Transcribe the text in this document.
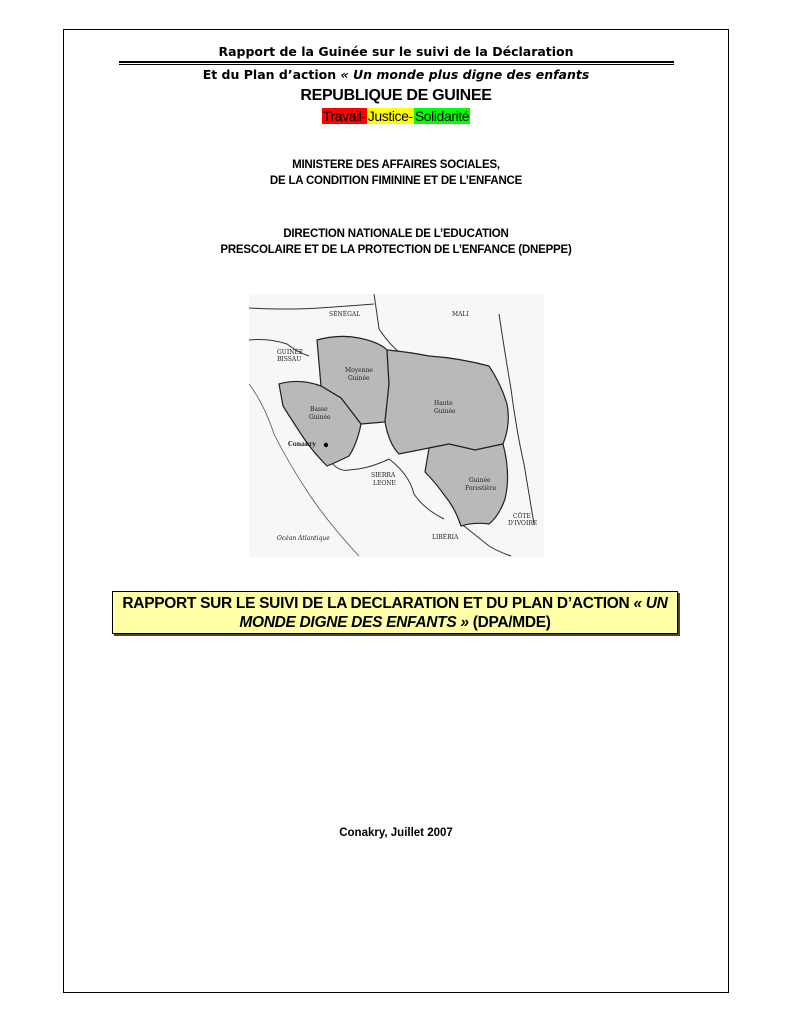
Rapport de la Guinée sur le suivi de la Déclaration
Et du Plan d’action « Un monde plus digne des enfants
REPUBLIQUE DE GUINEE
Travail- Justice- Solidarité
MINISTERE DES AFFAIRES SOCIALES,
DE LA CONDITION FIMININE ET DE L’ENFANCE
DIRECTION NATIONALE DE L’EDUCATION
PRESCOLAIRE ET DE LA PROTECTION DE L’ENFANCE (DNEPPE)
SÉNÉGAL	MALI
GUINÉE
BISSAU
Moyenne
Guinée
Basse
Guinée
Haute
Guinée
Conakry
SIERRA
LEONE	Guinée
Forestière
CÔTE
D'IVOIRE
Océan Atlantique	LIBÉRIA
RAPPORT SUR LE SUIVI DE LA DECLARATION ET DU PLAN D’ACTION « UN
MONDE DIGNE DES ENFANTS » (DPA/MDE)
Conakry, Juillet 2007
